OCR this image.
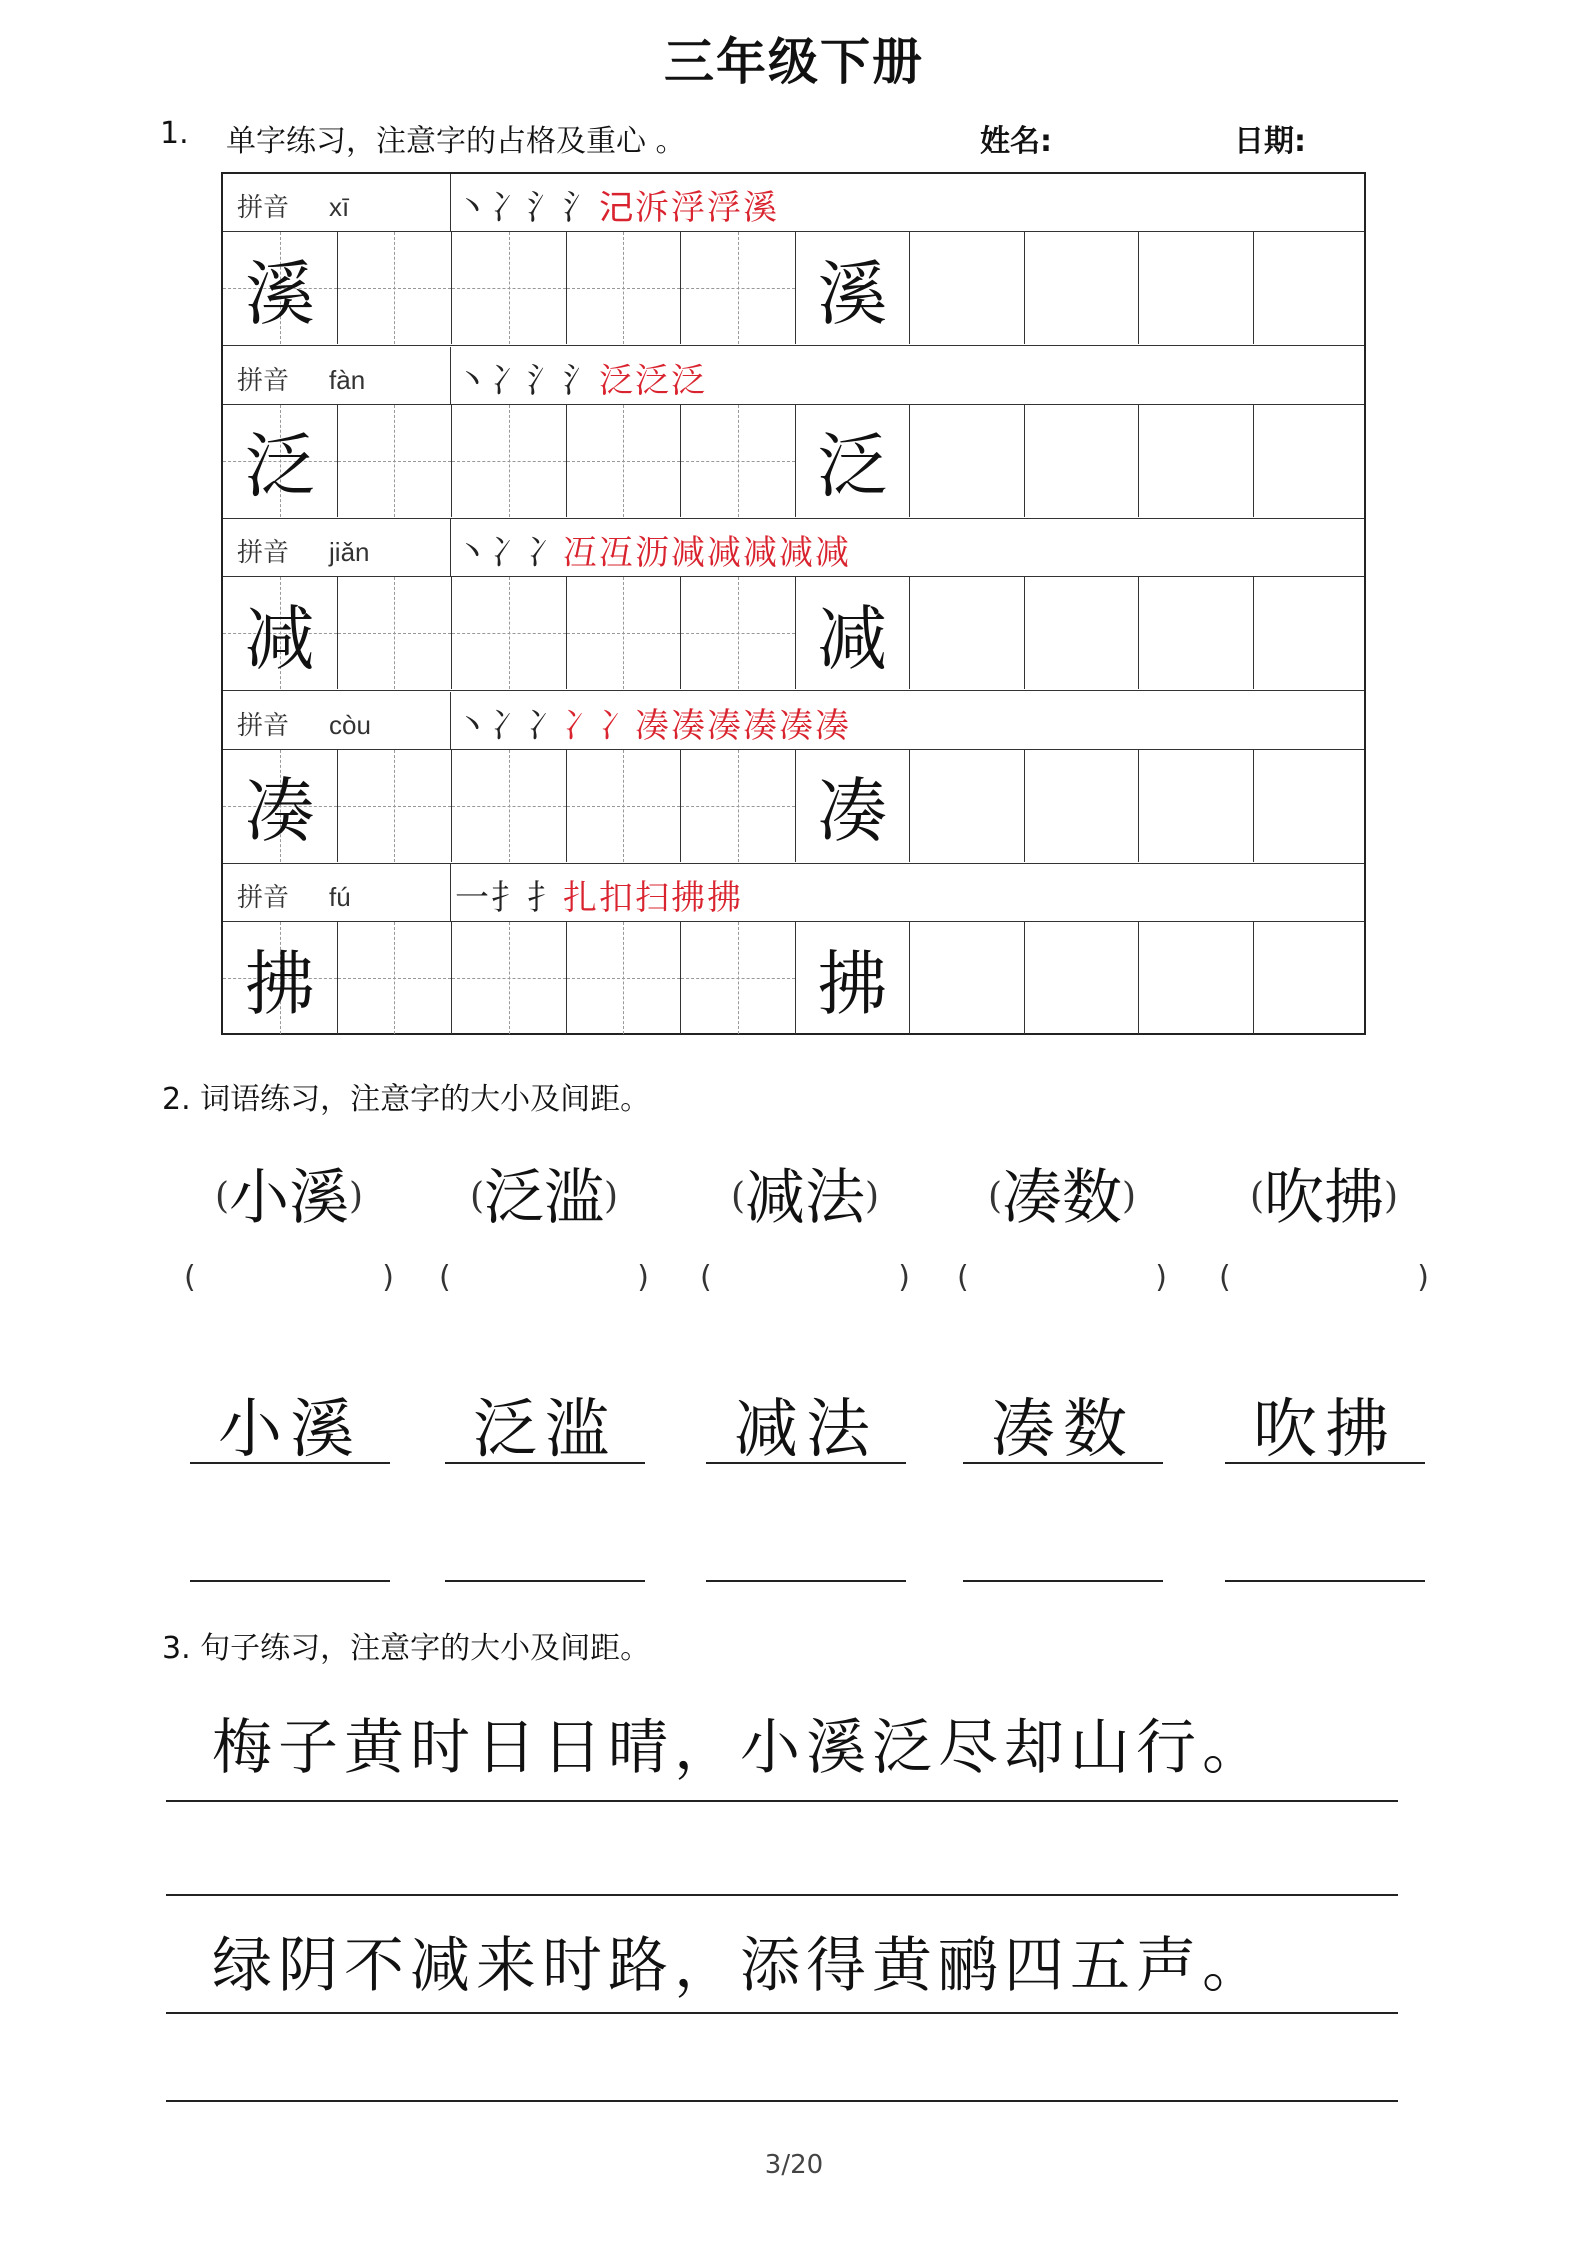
三年级下册
1. 单字练习，注意字的占格及重心 。	姓名:	日期:
拼音 xī	丶冫氵氵𣲆泝浮浮溪
溪	溪
拼音 fàn	丶冫氵氵泛泛泛
泛	泛
拼音 jiǎn	丶冫冫冱冱沥减减减减减
减	减
拼音 còu 丶冫冫冫冫凑凑凑凑凑凑
凑	凑
拼音 fú	一扌扌扎扣扫拂拂
拂	拂
2. 词语练习，注意字的大小及间距。
(小溪)
(	)
小溪
(泛滥)
(	)
泛滥
(减法)
(	)
减法
(凑数)
(	)
凑数
(吹拂)
(	)
吹拂
3. 句子练习，注意字的大小及间距。
梅子黄时日日晴，小溪泛尽却山行。
绿阴不减来时路，添得黄鹂四五声。
3/20
